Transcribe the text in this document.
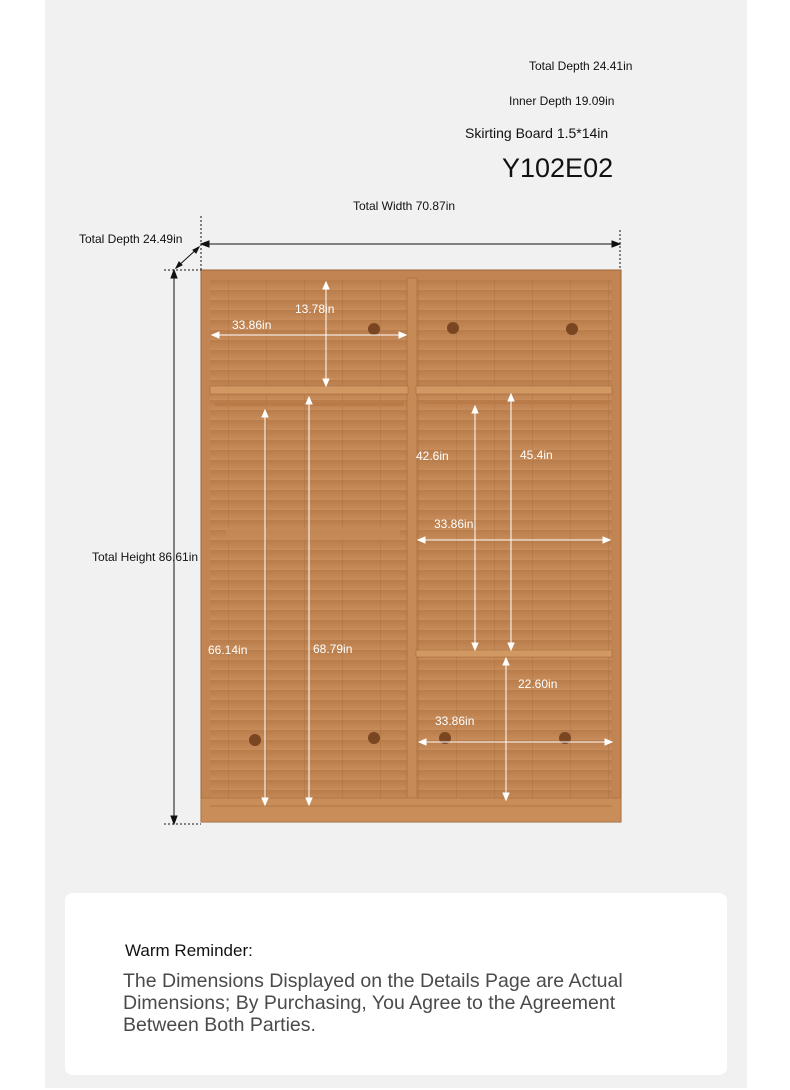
Total Depth 24.41in
Inner Depth 19.09in
Skirting Board 1.5*14in
Y102E02
Total Width 70.87in
Total Depth 24.49in
Total Height 86.61in
33.86in
13.78in
66.14in	68.79in
42.6in	45.4in
33.86in
22.60in
33.86in
Warm Reminder:
The Dimensions Displayed on the Details Page are Actual Dimensions; By Purchasing, You Agree to the Agreement Between Both Parties.
